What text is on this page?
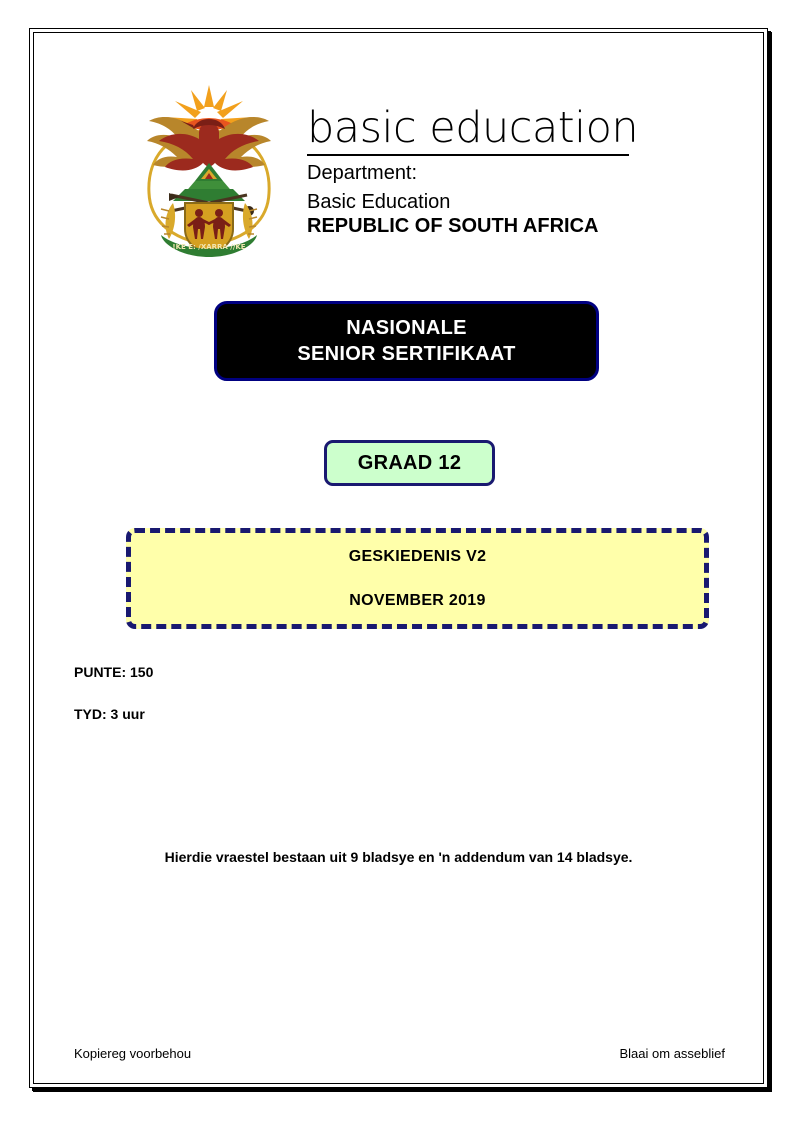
!KE E: /XARRA //KE
basic education
Department:
Basic Education
REPUBLIC OF SOUTH AFRICA
NASIONALE
SENIOR SERTIFIKAAT
GRAAD 12
GESKIEDENIS V2
NOVEMBER 2019
PUNTE: 150
TYD: 3 uur
Hierdie vraestel bestaan uit 9 bladsye en 'n addendum van 14 bladsye.
Kopiereg voorbehou	Blaai om asseblief
